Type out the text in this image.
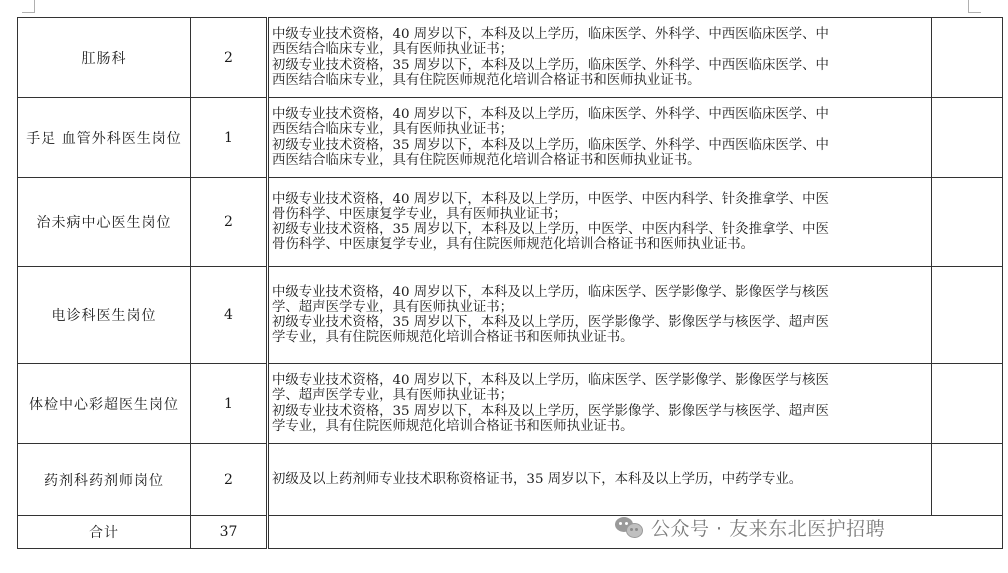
肛肠科	2	中级专业技术资格，40 周岁以下，本科及以上学历，临床医学、外科学、中西医临床医学、中
西医结合临床专业，具有医师执业证书；
初级专业技术资格，35 周岁以下，本科及以上学历，临床医学、外科学、中西医临床医学、中
西医结合临床专业，具有住院医师规范化培训合格证书和医师执业证书。	

手足 血管外科医生岗位	1	中级专业技术资格，40 周岁以下，本科及以上学历，临床医学、外科学、中西医临床医学、中
西医结合临床专业，具有医师执业证书；
初级专业技术资格，35 周岁以下，本科及以上学历，临床医学、外科学、中西医临床医学、中
西医结合临床专业，具有住院医师规范化培训合格证书和医师执业证书。	

治未病中心医生岗位	2	中级专业技术资格，40 周岁以下，本科及以上学历，中医学、中医内科学、针灸推拿学、中医
骨伤科学、中医康复学专业，具有医师执业证书；
初级专业技术资格，35 周岁以下，本科及以上学历，中医学、中医内科学、针灸推拿学、中医
骨伤科学、中医康复学专业，具有住院医师规范化培训合格证书和医师执业证书。	

电诊科医生岗位	4	中级专业技术资格，40 周岁以下，本科及以上学历，临床医学、医学影像学、影像医学与核医
学、超声医学专业，具有医师执业证书；
初级专业技术资格，35 周岁以下，本科及以上学历，医学影像学、影像医学与核医学、超声医
学专业，具有住院医师规范化培训合格证书和医师执业证书。	

体检中心彩超医生岗位	1	中级专业技术资格，40 周岁以下，本科及以上学历，临床医学、医学影像学、影像医学与核医
学、超声医学专业，具有医师执业证书；
初级专业技术资格，35 周岁以下，本科及以上学历，医学影像学、影像医学与核医学、超声医
学专业，具有住院医师规范化培训合格证书和医师执业证书。	

药剂科药剂师岗位	2	初级及以上药剂师专业技术职称资格证书，35 周岁以下，本科及以上学历，中药学专业。	

合计	37			公众号 · 友来东北医护招聘
